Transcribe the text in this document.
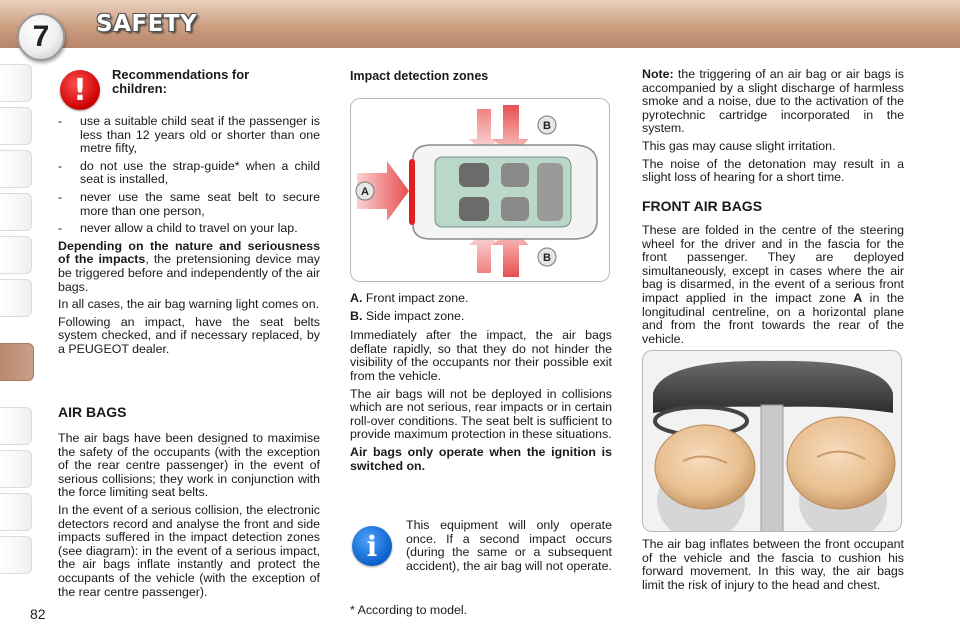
7 SAFETY
!	Recommendations for children:
- use a suitable child seat if the passenger is less than 12 years old or shorter than one metre fifty,
- do not use the strap-guide* when a child seat is installed,
- never use the same seat belt to secure more than one person,
- never allow a child to travel on your lap.

Depending on the nature and seriousness of the impacts, the pretensioning device may be triggered before and independently of the air bags.

In all cases, the air bag warning light comes on.

Following an impact, have the seat belts system checked, and if necessary replaced, by a PEUGEOT dealer.

AIR BAGS

The air bags have been designed to maximise the safety of the occupants (with the exception of the rear centre passenger) in the event of serious collisions; they work in conjunction with the force limiting seat belts.

In the event of a serious collision, the electronic detectors record and analyse the front and side impacts suffered in the impact detection zones (see diagram): in the event of a serious impact, the air bags inflate instantly and protect the occupants of the vehicle (with the exception of the rear centre passenger).

Impact detection zones
B
B
A

A. Front impact zone.

B. Side impact zone.

Immediately after the impact, the air bags deflate rapidly, so that they do not hinder the visibility of the occupants nor their possible exit from the vehicle.

The air bags will not be deployed in collisions which are not serious, rear impacts or in certain roll-over conditions. The seat belt is sufficient to provide maximum protection in these situations.

Air bags only operate when the ignition is switched on.

i

This equipment will only operate once. If a second impact occurs (during the same or a subsequent accident), the air bag will not operate.

* According to model.

Note: the triggering of an air bag or air bags is accompanied by a slight discharge of harmless smoke and a noise, due to the activation of the pyrotechnic cartridge incorporated in the system.

This gas may cause slight irritation.

The noise of the detonation may result in a slight loss of hearing for a short time.

FRONT AIR BAGS

These are folded in the centre of the steering wheel for the driver and in the fascia for the front passenger. They are deployed simultaneously, except in cases where the air bag is disarmed, in the event of a serious front impact applied in the impact zone A in the longitudinal centreline, on a horizontal plane and from the front towards the rear of the vehicle.

The air bag inflates between the front occupant of the vehicle and the fascia to cushion his forward movement. In this way, the air bags limit the risk of injury to the head and chest.

82
